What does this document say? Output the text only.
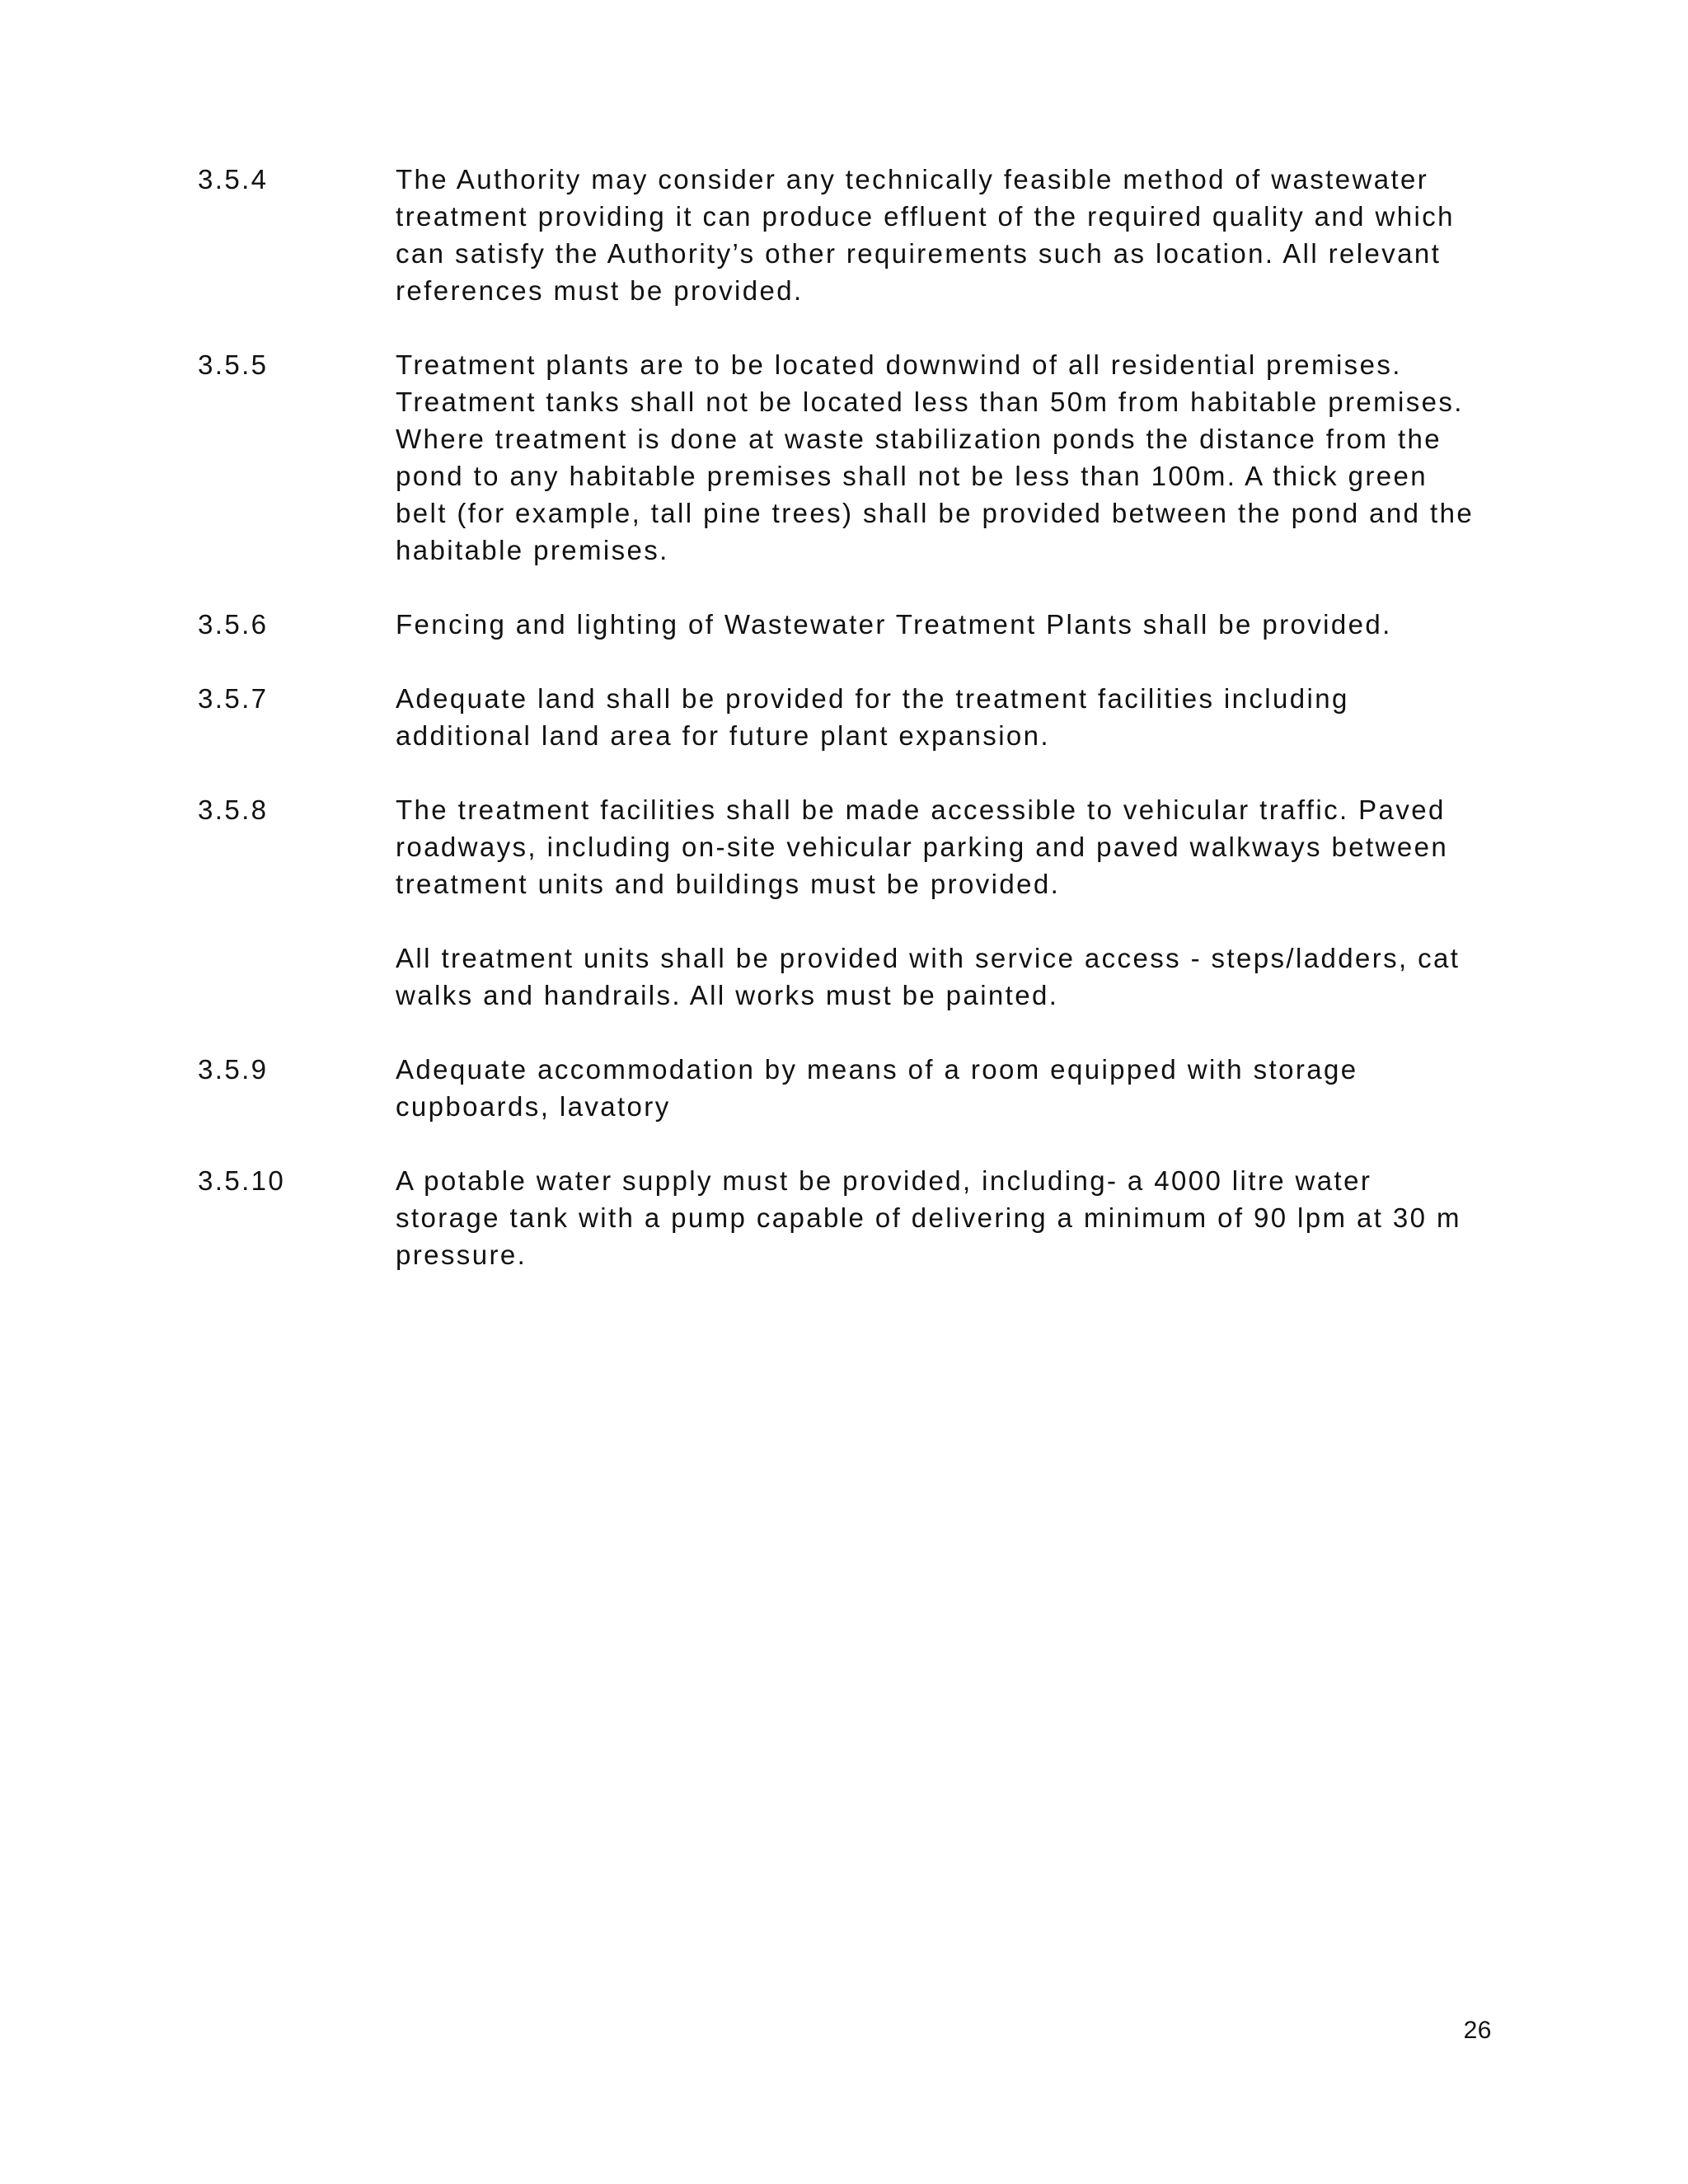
3.5.4	The Authority may consider any technically feasible method of wastewater treatment providing it can produce effluent of the required quality and which can satisfy the Authority’s other requirements such as location. All relevant references must be provided.

3.5.5	Treatment plants are to be located downwind of all residential premises. Treatment tanks shall not be located less than 50m from habitable premises. Where treatment is done at waste stabilization ponds the distance from the pond to any habitable premises shall not be less than 100m. A thick green belt (for example, tall pine trees) shall be provided between the pond and the habitable premises.

3.5.6	Fencing and lighting of Wastewater Treatment Plants shall be provided.

3.5.7	Adequate land shall be provided for the treatment facilities including additional land area for future plant expansion.

3.5.8	The treatment facilities shall be made accessible to vehicular traffic. Paved roadways, including on-site vehicular parking and paved walkways between treatment units and buildings must be provided.

All treatment units shall be provided with service access - steps/ladders, cat walks and handrails. All works must be painted.

3.5.9	Adequate accommodation by means of a room equipped with storage cupboards, lavatory

3.5.10	A potable water supply must be provided, including- a 4000 litre water storage tank with a pump capable of delivering a minimum of 90 lpm at 30 m pressure.

26
